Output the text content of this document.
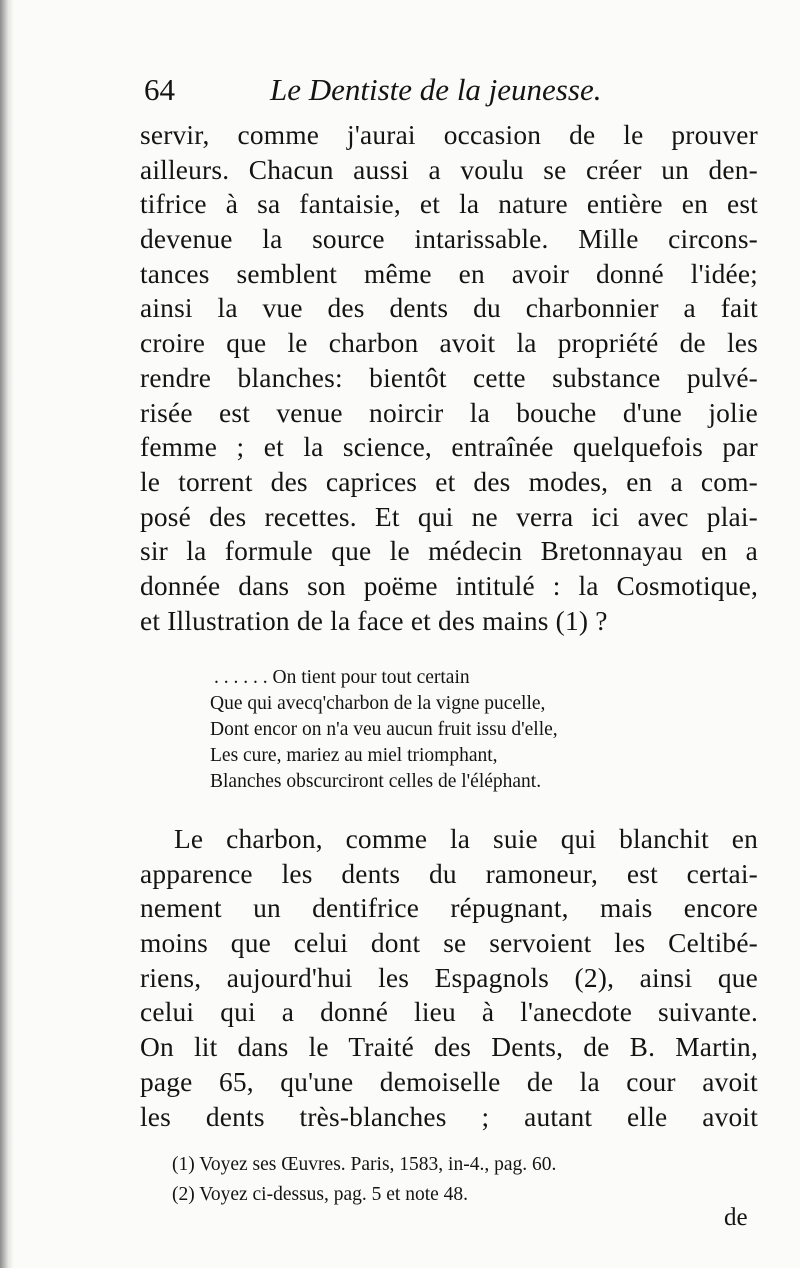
64	Le Dentiste de la jeunesse.
servir, comme j'aurai occasion de le prouver
ailleurs. Chacun aussi a voulu se créer un den-
tifrice à sa fantaisie, et la nature entière en est
devenue la source intarissable. Mille circons-
tances semblent même en avoir donné l'idée;
ainsi la vue des dents du charbonnier a fait
croire que le charbon avoit la propriété de les
rendre blanches: bientôt cette substance pulvé-
risée est venue noircir la bouche d'une jolie
femme ; et la science, entraînée quelquefois par
le torrent des caprices et des modes, en a com-
posé des recettes. Et qui ne verra ici avec plai-
sir la formule que le médecin Bretonnayau en a
donnée dans son poëme intitulé : la Cosmotique,
et Illustration de la face et des mains (1) ?
. . . . . . On tient pour tout certain
Que qui avecq'charbon de la vigne pucelle,
Dont encor on n'a veu aucun fruit issu d'elle,
Les cure, mariez au miel triomphant,
Blanches obscurciront celles de l'éléphant.
Le charbon, comme la suie qui blanchit en
apparence les dents du ramoneur, est certai-
nement un dentifrice répugnant, mais encore
moins que celui dont se servoient les Celtibé-
riens, aujourd'hui les Espagnols (2), ainsi que
celui qui a donné lieu à l'anecdote suivante.
On lit dans le Traité des Dents, de B. Martin,
page 65, qu'une demoiselle de la cour avoit
les dents très-blanches ; autant elle avoit
(1) Voyez ses Œuvres. Paris, 1583, in-4., pag. 60.
(2) Voyez ci-dessus, pag. 5 et note 48.
de
